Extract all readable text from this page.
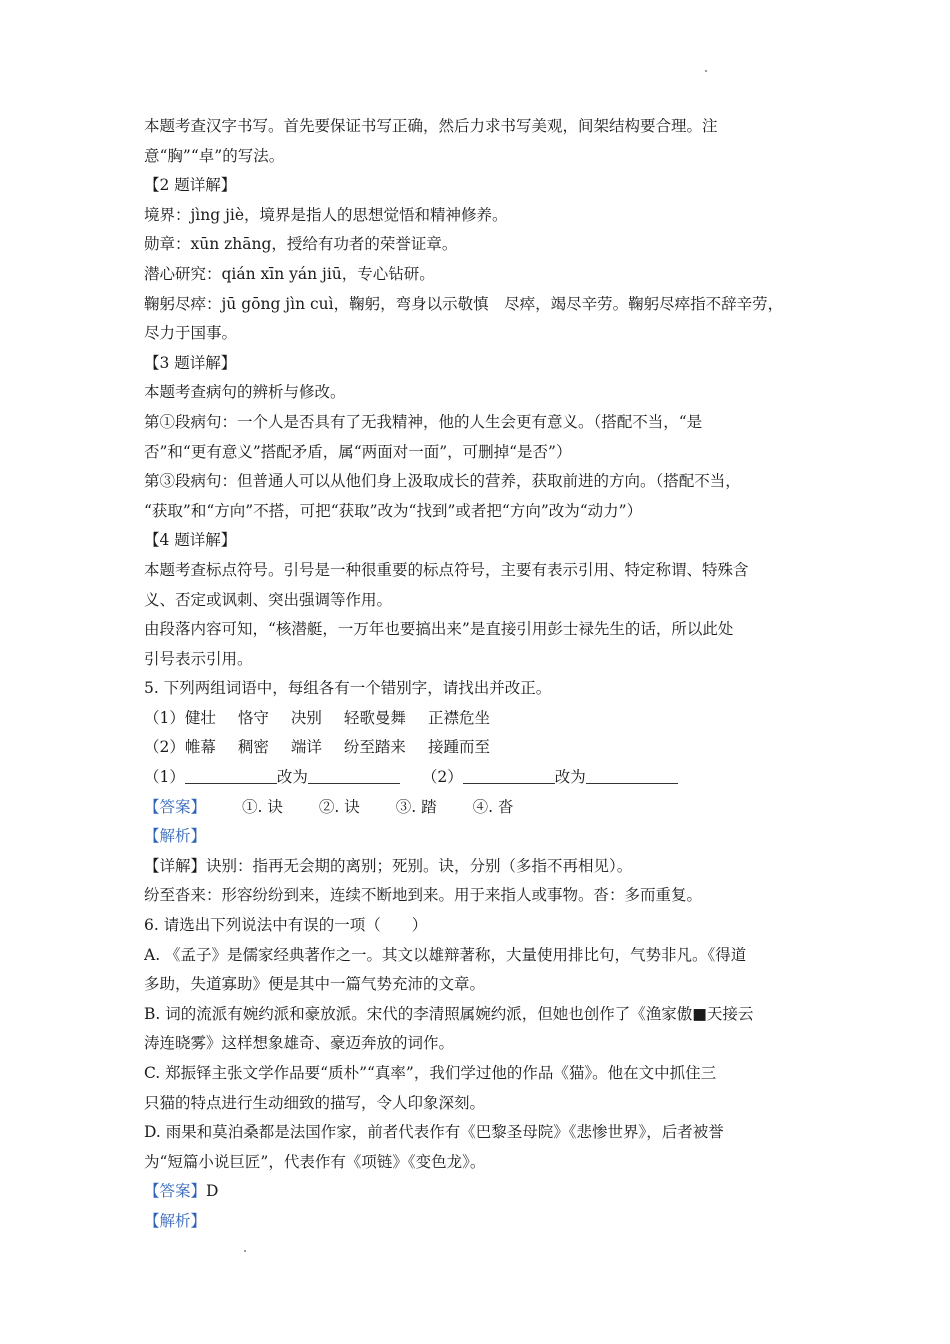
本题考查汉字书写。首先要保证书写正确，然后力求书写美观，间架结构要合理。注
意“胸”“卓”的写法。
【2 题详解】
境界：jìng jiè，境界是指人的思想觉悟和精神修养。
勋章：xūn zhāng，授给有功者的荣誉证章。
潜心研究：qián xīn yán jiū，专心钻研。
鞠躬尽瘁：jū gōng jìn cuì，鞠躬，弯身以示敬慎　尽瘁，竭尽辛劳。鞠躬尽瘁指不辞辛劳，
尽力于国事。
【3 题详解】
本题考查病句的辨析与修改。
第①段病句：一个人是否具有了无我精神，他的人生会更有意义。（搭配不当，“是
否”和“更有意义”搭配矛盾，属“两面对一面”，可删掉“是否”）
第③段病句：但普通人可以从他们身上汲取成长的营养，获取前进的方向。（搭配不当，
“获取”和“方向”不搭，可把“获取”改为“找到”或者把“方向”改为“动力”）
【4 题详解】
本题考查标点符号。引号是一种很重要的标点符号，主要有表示引用、特定称谓、特殊含
义、否定或讽刺、突出强调等作用。
由段落内容可知，“核潜艇，一万年也要搞出来”是直接引用彭士禄先生的话，所以此处
引号表示引用。
5. 下列两组词语中，每组各有一个错别字，请找出并改正。
（1）健壮 恪守 决别 轻歌曼舞 正襟危坐
（2）帷幕 稠密 端详 纷至踏来 接踵而至
（1）	改为	（2）	改为
【答案】 ①. 诀 ②. 诀 ③. 踏 ④. 沓
【解析】
【详解】诀别：指再无会期的离别；死别。诀，分别（多指不再相见）。
纷至沓来：形容纷纷到来，连续不断地到来。用于来指人或事物。沓：多而重复。
6. 请选出下列说法中有误的一项（　　）
A. 《孟子》是儒家经典著作之一。其文以雄辩著称，大量使用排比句，气势非凡。《得道
多助，失道寡助》便是其中一篇气势充沛的文章。
B. 词的流派有婉约派和豪放派。宋代的李清照属婉约派，但她也创作了《渔家傲■天接云
涛连晓雾》这样想象雄奇、豪迈奔放的词作。
C. 郑振铎主张文学作品要“质朴”“真率”，我们学过他的作品《猫》。他在文中抓住三
只猫的特点进行生动细致的描写，令人印象深刻。
D. 雨果和莫泊桑都是法国作家，前者代表作有《巴黎圣母院》《悲惨世界》，后者被誉
为“短篇小说巨匠”，代表作有《项链》《变色龙》。
【答案】D
【解析】
